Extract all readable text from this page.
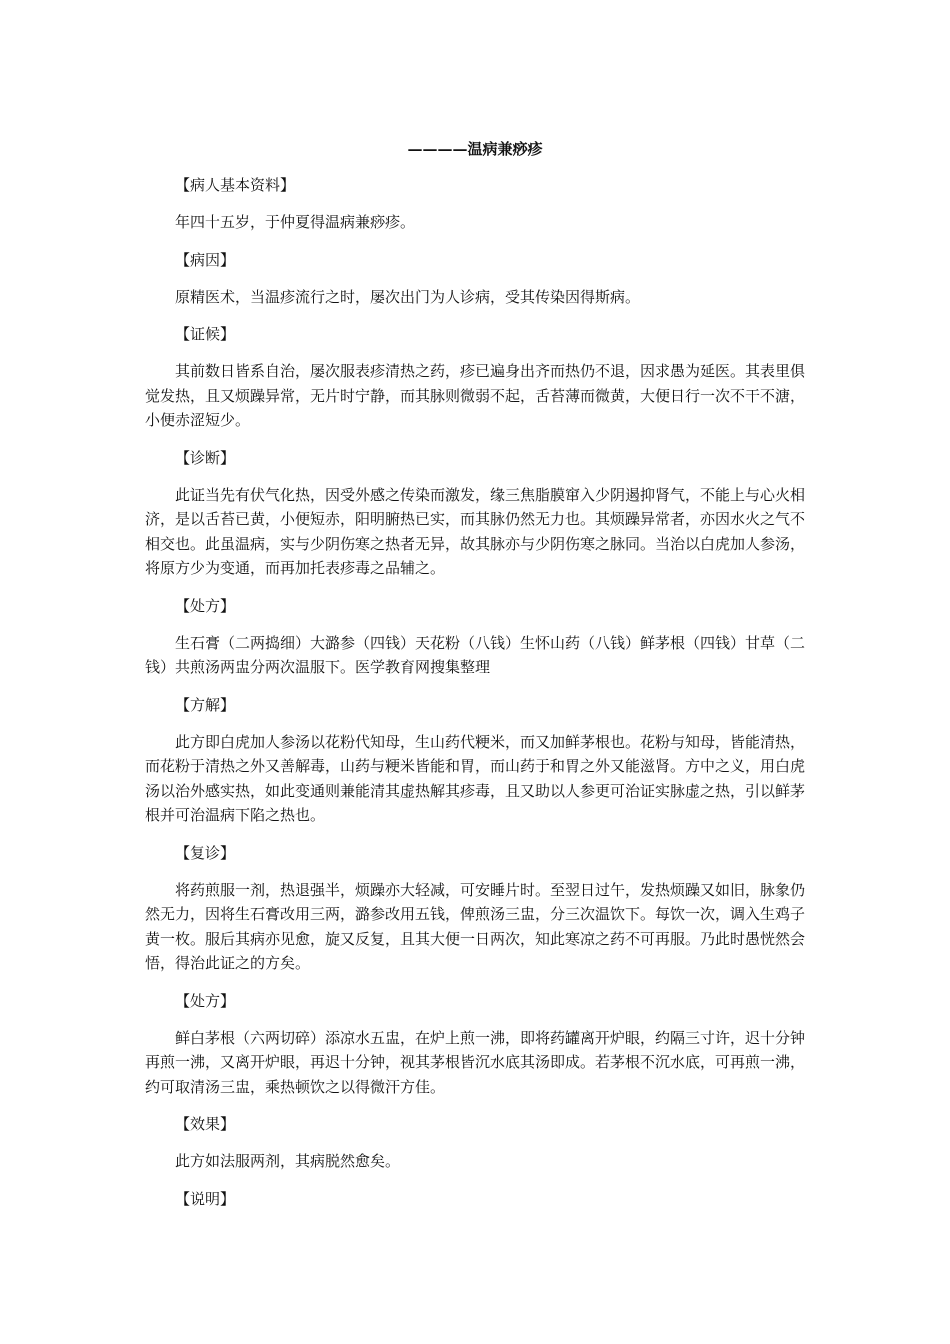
————温病兼痧疹
【病人基本资料】
年四十五岁，于仲夏得温病兼痧疹。
【病因】
原精医术，当温疹流行之时，屡次出门为人诊病，受其传染因得斯病。
【证候】
其前数日皆系自治，屡次服表疹清热之药，疹已遍身出齐而热仍不退，因求愚为延医。其表里俱觉发热，且又烦躁异常，无片时宁静，而其脉则微弱不起，舌苔薄而微黄，大便日行一次不干不溏，小便赤涩短少。
【诊断】
此证当先有伏气化热，因受外感之传染而激发，缘三焦脂膜窜入少阴遏抑肾气，不能上与心火相济，是以舌苔已黄，小便短赤，阳明腑热已实，而其脉仍然无力也。其烦躁异常者，亦因水火之气不相交也。此虽温病，实与少阴伤寒之热者无异，故其脉亦与少阴伤寒之脉同。当治以白虎加人参汤，将原方少为变通，而再加托表疹毒之品辅之。
【处方】
生石膏（二两捣细）大潞参（四钱）天花粉（八钱）生怀山药（八钱）鲜茅根（四钱）甘草（二钱）共煎汤两盅分两次温服下。医学教育网搜集整理
【方解】
此方即白虎加人参汤以花粉代知母，生山药代粳米，而又加鲜茅根也。花粉与知母，皆能清热，而花粉于清热之外又善解毒，山药与粳米皆能和胃，而山药于和胃之外又能滋肾。方中之义，用白虎汤以治外感实热，如此变通则兼能清其虚热解其疹毒，且又助以人参更可治证实脉虚之热，引以鲜茅根并可治温病下陷之热也。
【复诊】
将药煎服一剂，热退强半，烦躁亦大轻减，可安睡片时。至翌日过午，发热烦躁又如旧，脉象仍然无力，因将生石膏改用三两，潞参改用五钱，俾煎汤三盅，分三次温饮下。每饮一次，调入生鸡子黄一枚。服后其病亦见愈，旋又反复，且其大便一日两次，知此寒凉之药不可再服。乃此时愚恍然会悟，得治此证之的方矣。
【处方】
鲜白茅根（六两切碎）添凉水五盅，在炉上煎一沸，即将药罐离开炉眼，约隔三寸许，迟十分钟再煎一沸，又离开炉眼，再迟十分钟，视其茅根皆沉水底其汤即成。若茅根不沉水底，可再煎一沸，约可取清汤三盅，乘热顿饮之以得微汗方佳。
【效果】
此方如法服两剂，其病脱然愈矣。
【说明】
